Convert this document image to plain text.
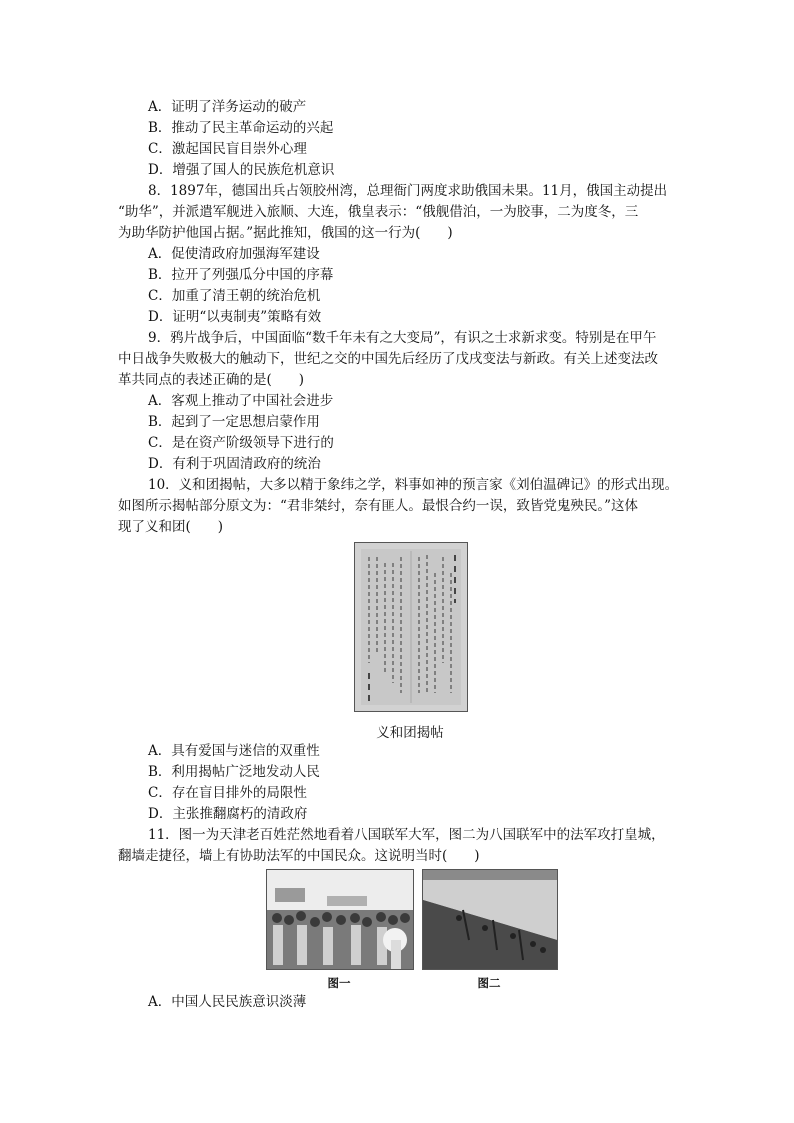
A．证明了洋务运动的破产
B．推动了民主革命运动的兴起
C．激起国民盲目崇外心理
D．增强了国人的民族危机意识
8．1897年，德国出兵占领胶州湾，总理衙门两度求助俄国未果。11月，俄国主动提出
“助华”，并派遣军舰进入旅顺、大连，俄皇表示：“俄舰借泊，一为胶事，二为度冬，三
为助华防护他国占据。”据此推知，俄国的这一行为(　　)
A．促使清政府加强海军建设
B．拉开了列强瓜分中国的序幕
C．加重了清王朝的统治危机
D．证明“以夷制夷”策略有效
9．鸦片战争后，中国面临“数千年未有之大变局”，有识之士求新求变。特别是在甲午
中日战争失败极大的触动下，世纪之交的中国先后经历了戊戌变法与新政。有关上述变法改
革共同点的表述正确的是(　　)
A．客观上推动了中国社会进步
B．起到了一定思想启蒙作用
C．是在资产阶级领导下进行的
D．有利于巩固清政府的统治
10．义和团揭帖，大多以精于象纬之学，料事如神的预言家《刘伯温碑记》的形式出现。
如图所示揭帖部分原文为：“君非桀纣，奈有匪人。最恨合约一误，致皆党鬼殃民。”这体
现了义和团(　　)
义和团揭帖
A．具有爱国与迷信的双重性
B．利用揭帖广泛地发动人民
C．存在盲目排外的局限性
D．主张推翻腐朽的清政府
11．图一为天津老百姓茫然地看着八国联军大军，图二为八国联军中的法军攻打皇城，
翻墙走捷径，墙上有协助法军的中国民众。这说明当时(　　)
图一	图二
A．中国人民民族意识淡薄
